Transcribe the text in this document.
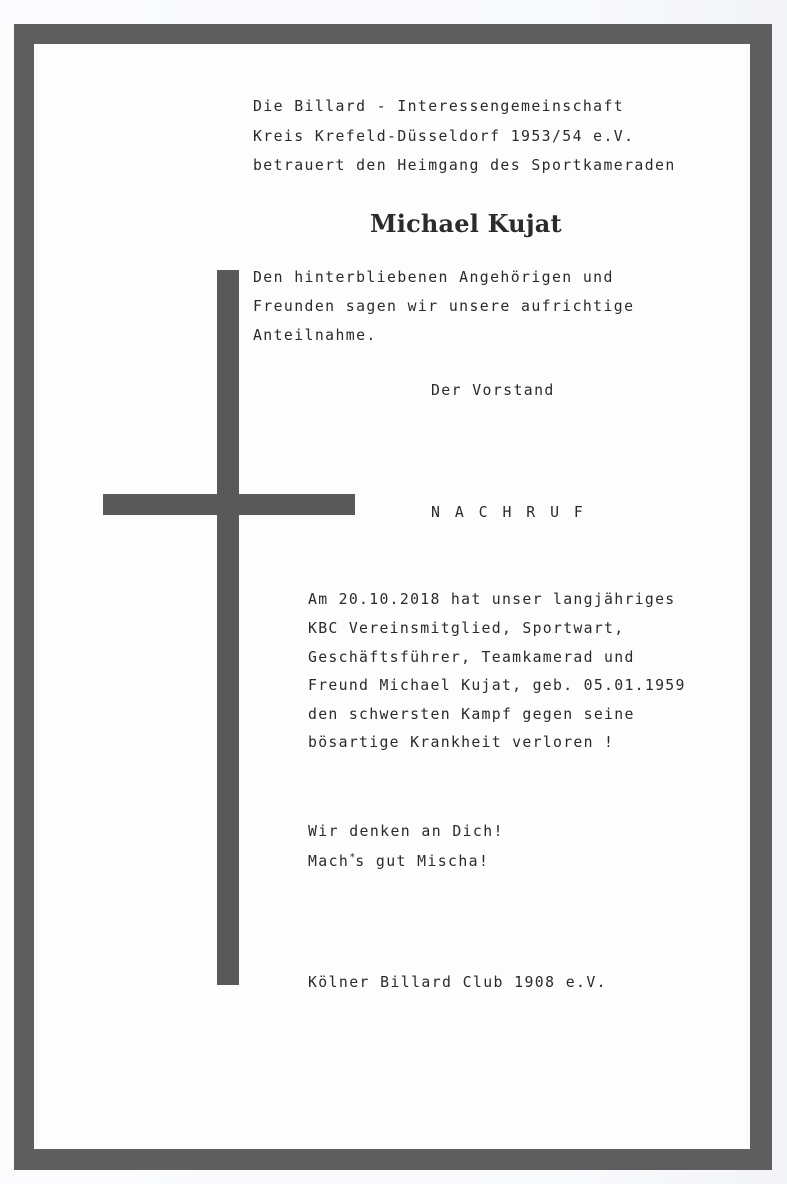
Die Billard - Interessengemeinschaft
Kreis Krefeld-Düsseldorf 1953/54 e.V.
betrauert den Heimgang des Sportkameraden
Michael Kujat
Den hinterbliebenen Angehörigen und
Freunden sagen wir unsere aufrichtige
Anteilnahme.
Der Vorstand
N A C H R U F
Am 20.10.2018 hat unser langjähriges
KBC Vereinsmitglied, Sportwart,
Geschäftsführer, Teamkamerad und
Freund Michael Kujat, geb. 05.01.1959
den schwersten Kampf gegen seine
bösartige Krankheit verloren !
Wir denken an Dich!
Mach*s gut Mischa!
Kölner Billard Club 1908 e.V.
